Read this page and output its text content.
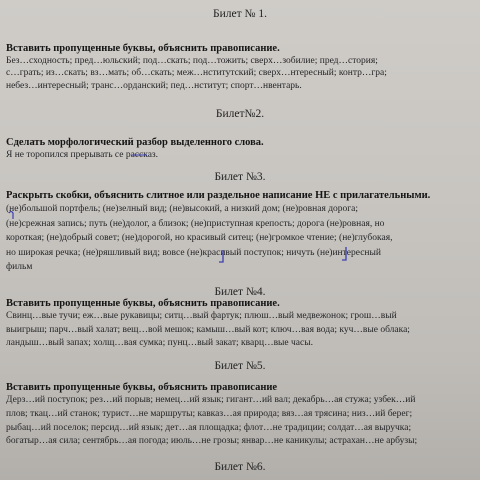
Билет № 1.
Вставить пропущенные буквы, объяснить правописание.
Без…сходность; пред…юльский; под…скать; под…тожить; сверх…зобилие; пред…стория;
с…грать; из…скать; вз…мать; об…скать; меж…нститутский; сверх…нтересный; контр…гра;
небез…интересный; транс…орданский; пед…нститут; спорт…нвентарь.
Билет№2.
Сделать морфологический разбор выделенного слова.
Я не торопился прерывать се рассказ.
Билет №3.
Раскрыть скобки, объяснить слитное или раздельное написание НЕ с прилагательными.
(не)большой портфель; (не)зелный вид; (не)высокий, а низкий дом; (не)ровная дорога;
(не)срежная запись; путь (не)долог, а близок; (не)приступная крепость; дорога (не)ровная, но
короткая; (не)добрый совет; (не)дорогой, но красивый ситец; (не)громкое чтение; (не)глубокая,
но широкая речка; (не)ряшливый вид; вовсе (не)красивый поступок; ничуть (не)интересный
фильм
Билет №4.
Вставить пропущенные буквы, объяснить правописание.
Свинц…вые тучи; еж…вые рукавицы; ситц…вый фартук; плюш…вый медвежонок; грош…вый
выигрыш; парч…вый халат; вещ…вой мешок; камыш…вый кот; ключ…вая вода; куч…вые облака;
ландыш…вый запах; холщ…вая сумка; пунц…вый закат; кварц…вые часы.
Билет №5.
Вставить пропущенные буквы, объяснить правописание
Дерз…ий поступок; рез…ий порыв; немец…ий язык; гигант…ий вал; декабрь…ая стужа; узбек…ий
плов; ткац…ий станок; турист…не маршруты; кавказ…ая природа; вяз…ая трясина; низ…ий берег;
рыбац…ий поселок; персид…ий язык; дет…ая площадка; флот…не традиции; солдат…ая выручка;
богатыр…ая сила; сентябрь…ая погода; июль…не грозы; январ…не каникулы; астрахан…не арбузы;
Билет №6.
